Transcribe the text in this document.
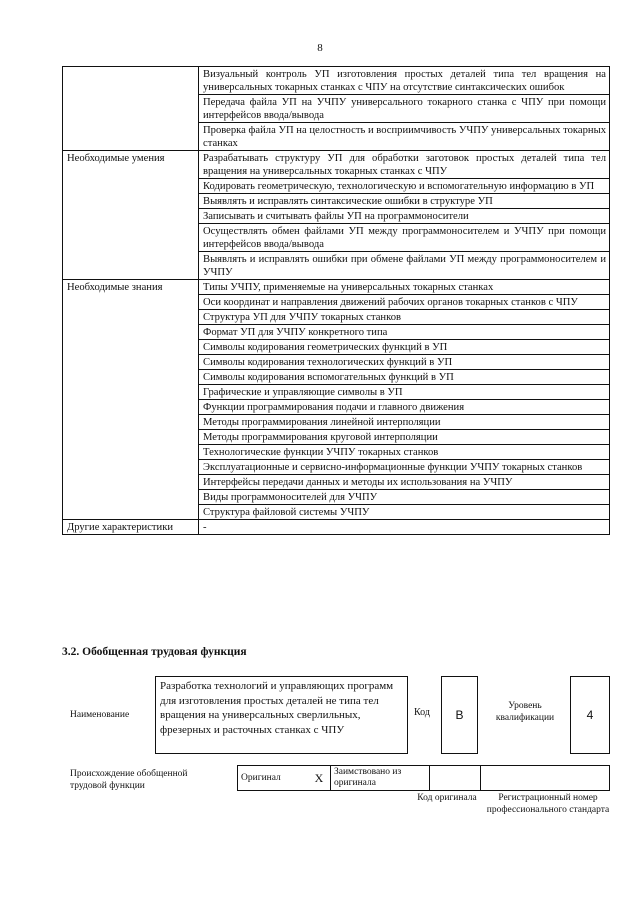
8
	Визуальный контроль УП изготовления простых деталей типа тел вращения на универсальных токарных станках с ЧПУ на отсутствие синтаксических ошибок
	Передача файла УП на УЧПУ универсального токарного станка с ЧПУ при помощи интерфейсов ввода/вывода
	Проверка файла УП на целостность и восприимчивость УЧПУ универсальных токарных станках
Необходимые умения	Разрабатывать структуру УП для обработки заготовок простых деталей типа тел вращения на универсальных токарных станках с ЧПУ
	Кодировать геометрическую, технологическую и вспомогательную информацию в УП
	Выявлять и исправлять синтаксические ошибки в структуре УП
	Записывать и считывать файлы УП на программоносители
	Осуществлять обмен файлами УП между программоносителем и УЧПУ при помощи интерфейсов ввода/вывода
	Выявлять и исправлять ошибки при обмене файлами УП между программоносителем и УЧПУ
Необходимые знания	Типы УЧПУ, применяемые на универсальных токарных станках
	Оси координат и направления движений рабочих органов токарных станков с ЧПУ
	Структура УП для УЧПУ токарных станков
	Формат УП для УЧПУ конкретного типа
	Символы кодирования геометрических функций в УП
	Символы кодирования технологических функций в УП
	Символы кодирования вспомогательных функций в УП
	Графические и управляющие символы в УП
	Функции программирования подачи и главного движения
	Методы программирования линейной интерполяции
	Методы программирования круговой интерполяции
	Технологические функции УЧПУ токарных станков
	Эксплуатационные и сервисно-информационные функции УЧПУ токарных станков
	Интерфейсы передачи данных и методы их использования на УЧПУ
	Виды программоносителей для УЧПУ
	Структура файловой системы УЧПУ
Другие характеристики	-
3.2. Обобщенная трудовая функция
Наименование
Разработка технологий и управляющих программ для изготовления простых деталей не типа тел вращения на универсальных сверлильных, фрезерных и расточных станках с ЧПУ
Код	B
Уровень квалификации	4
Происхождение обобщенной трудовой функции
Оригинал	X	Заимствовано из оригинала		
Код оригинала	Регистрационный номер профессионального стандарта
